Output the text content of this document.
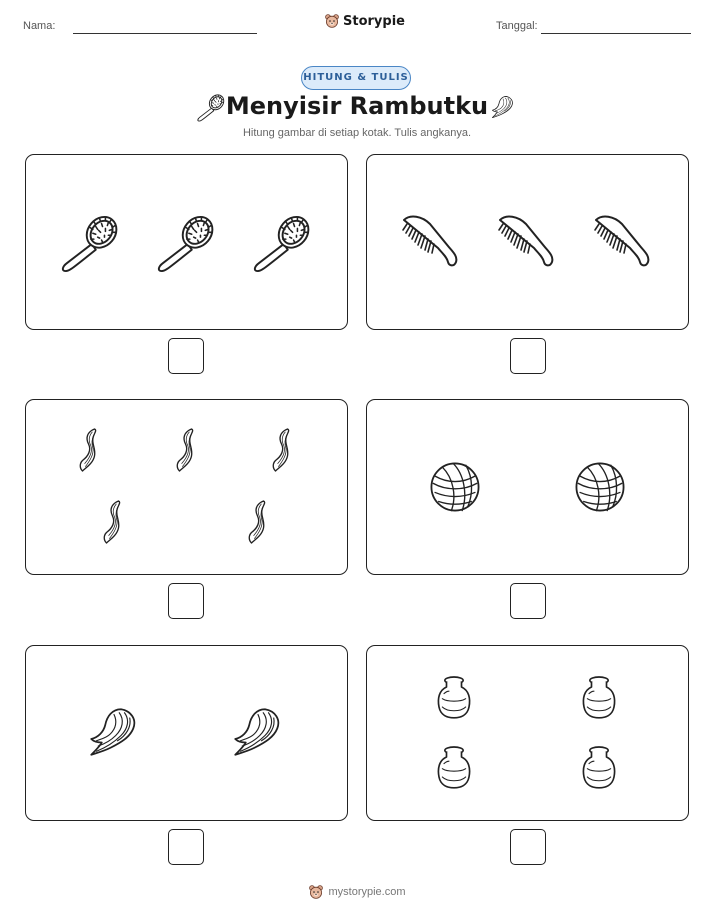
Nama:	Storypie	Tanggal:
HITUNG & TULIS
Menyisir Rambutku
Hitung gambar di setiap kotak. Tulis angkanya.
mystorypie.com
